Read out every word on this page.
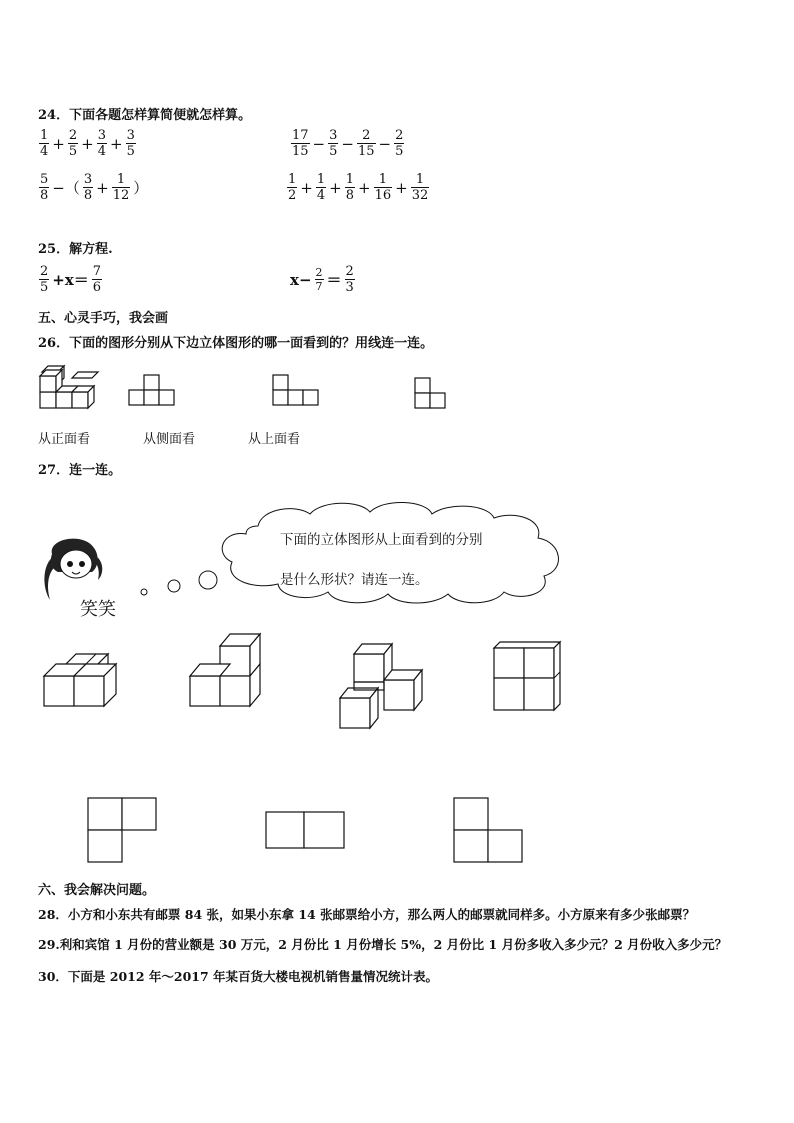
24．下面各题怎样算简便就怎样算。
$\frac{1}{4} + \frac{2}{5} + \frac{3}{4} + \frac{3}{5}$	$\frac{17}{15} - \frac{3}{5} - \frac{2}{15} - \frac{2}{5}$
$\frac{5}{8}$ −（ $\frac{3}{8} + \frac{1}{12}$ ）	$\frac{1}{2} + \frac{1}{4} + \frac{1}{8} + \frac{1}{16} + \frac{1}{32}$
25．解方程.
$\frac{2}{5} +x= \frac{7}{6}$	$x- \frac{2}{7} = \frac{2}{3}$
五、心灵手巧，我会画
26．下面的图形分别从下边立体图形的哪一面看到的？用线连一连。
从正面看	从侧面看	从上面看
27．连一连。
笑笑
下面的立体图形从上面看到的分别
是什么形状？请连一连。
六、我会解决问题。
28．小方和小东共有邮票 84 张，如果小东拿 14 张邮票给小方，那么两人的邮票就同样多。小方原来有多少张邮票？
29.利和宾馆 1 月份的营业额是 30 万元，2 月份比 1 月份增长 5%，2 月份比 1 月份多收入多少元？2 月份收入多少元？
30．下面是 2012 年～2017 年某百货大楼电视机销售量情况统计表。
